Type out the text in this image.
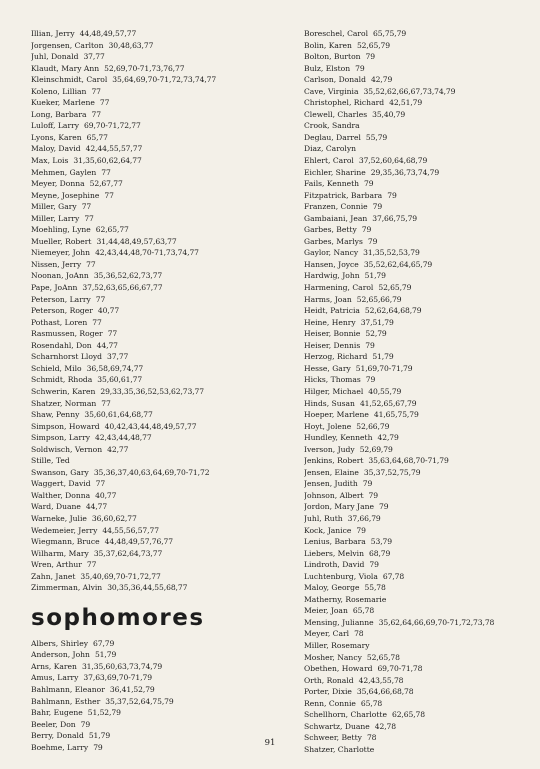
Illian, Jerry 44,48,49,57,77
Jorgensen, Carlton 30,48,63,77
Juhl, Donald 37,77
Klaudt, Mary Ann 52,69,70-71,73,76,77
Kleinschmidt, Carol 35,64,69,70-71,72,73,74,77
Koleno, Lillian 77
Kueker, Marlene 77
Long, Barbara 77
Luloff, Larry 69,70-71,72,77
Lyons, Karen 65,77
Maloy, David 42,44,55,57,77
Max, Lois 31,35,60,62,64,77
Mehmen, Gaylen 77
Meyer, Donna 52,67,77
Meyne, Josephine 77
Miller, Gary 77
Miller, Larry 77
Moehling, Lyne 62,65,77
Mueller, Robert 31,44,48,49,57,63,77
Niemeyer, John 42,43,44,48,70-71,73,74,77
Nissen, Jerry 77
Noonan, JoAnn 35,36,52,62,73,77
Pape, JoAnn 37,52,63,65,66,67,77
Peterson, Larry 77
Peterson, Roger 40,77
Pothast, Loren 77
Rasmussen, Roger 77
Rosendahl, Don 44,77
Scharnhorst Lloyd 37,77
Schield, Milo 36,58,69,74,77
Schmidt, Rhoda 35,60,61,77
Schwerin, Karen 29,33,35,36,52,53,62,73,77
Shatzer, Norman 77
Shaw, Penny 35,60,61,64,68,77
Simpson, Howard 40,42,43,44,48,49,57,77
Simpson, Larry 42,43,44,48,77
Soldwisch, Vernon 42,77
Stille, Ted
Swanson, Gary 35,36,37,40,63,64,69,70-71,72
Waggert, David 77
Walther, Donna 40,77
Ward, Duane 44,77
Warneke, Julie 36,60,62,77
Wedemeier, Jerry 44,55,56,57,77
Wiegmann, Bruce 44,48,49,57,76,77
Wilharm, Mary 35,37,62,64,73,77
Wren, Arthur 77
Zahn, Janet 35,40,69,70-71,72,77
Zimmerman, Alvin 30,35,36,44,55,68,77
sophomores
Albers, Shirley 67,79
Anderson, John 51,79
Arns, Karen 31,35,60,63,73,74,79
Amus, Larry 37,63,69,70-71,79
Bahlmann, Eleanor 36,41,52,79
Bahlmann, Esther 35,37,52,64,75,79
Bahr, Eugene 51,52,79
Beeler, Don 79
Berry, Donald 51,79
Boehme, Larry 79
Boreschel, Carol 65,75,79
Bolin, Karen 52,65,79
Bolton, Burton 79
Bulz, Elston 79
Carlson, Donald 42,79
Cave, Virginia 35,52,62,66,67,73,74,79
Christophel, Richard 42,51,79
Clewell, Charles 35,40,79
Crook, Sandra
Deglau, Darrel 55,79
Diaz, Carolyn
Ehlert, Carol 37,52,60,64,68,79
Eichler, Sharine 29,35,36,73,74,79
Fails, Kenneth 79
Fitzpatrick, Barbara 79
Franzen, Connie 79
Gambaiani, Jean 37,66,75,79
Garbes, Betty 79
Garbes, Marlys 79
Gaylor, Nancy 31,35,52,53,79
Hansen, Joyce 35,52,62,64,65,79
Hardwig, John 51,79
Harmening, Carol 52,65,79
Harms, Joan 52,65,66,79
Heidt, Patricia 52,62,64,68,79
Heine, Henry 37,51,79
Heiser, Bonnie 52,79
Heiser, Dennis 79
Herzog, Richard 51,79
Hesse, Gary 51,69,70-71,79
Hicks, Thomas 79
Hilger, Michael 40,55,79
Hinds, Susan 41,52,65,67,79
Hoeper, Marlene 41,65,75,79
Hoyt, Jolene 52,66,79
Hundley, Kenneth 42,79
Iverson, Judy 52,69,79
Jenkins, Robert 35,63,64,68,70-71,79
Jensen, Elaine 35,37,52,75,79
Jensen, Judith 79
Johnson, Albert 79
Jordon, Mary Jane 79
Juhl, Ruth 37,66,79
Kock, Janice 79
Lenius, Barbara 53,79
Liebers, Melvin 68,79
Lindroth, David 79
Luchtenburg, Viola 67,78
Maloy, George 55,78
Matherny, Rosemarie
Meier, Joan 65,78
Mensing, Julianne 35,62,64,66,69,70-71,72,73,78
Meyer, Carl 78
Miller, Rosemary
Mosher, Nancy 52,65,78
Obethen, Howard 69,70-71,78
Orth, Ronald 42,43,55,78
Porter, Dixie 35,64,66,68,78
Renn, Connie 65,78
Schellhorn, Charlotte 62,65,78
Schwartz, Duane 42,78
Schweer, Betty 78
Shatzer, Charlotte
91
